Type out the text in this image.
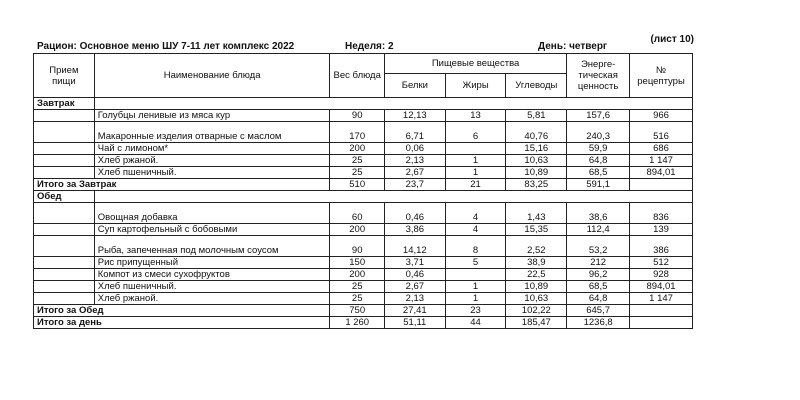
(лист 10)
Рацион: Основное меню ШУ 7-11 лет комплекс 2022	Неделя: 2	День: четверг
Прием пищи	Наименование блюда	Вес блюда	Пищевые вещества			Энерге-тическая ценность	№ рецептуры
			Белки	Жиры	Углеводы		
Завтрак							
	Голубцы ленивые из мяса кур	90	12,13	13	5,81	157,6	966
	Макаронные изделия отварные с маслом	170	6,71	6	40,76	240,3	516
	Чай с лимоном*	200	0,06		15,16	59,9	686
	Хлеб ржаной.	25	2,13	1	10,63	64,8	1 147
	Хлеб пшеничный.	25	2,67	1	10,89	68,5	894,01
Итого за Завтрак		510	23,7	21	83,25	591,1	
Обед							
	Овощная добавка	60	0,46	4	1,43	38,6	836
	Суп картофельный с бобовыми	200	3,86	4	15,35	112,4	139
	Рыба, запеченная под молочным соусом	90	14,12	8	2,52	53,2	386
	Рис припущенный	150	3,71	5	38,9	212	512
	Компот из смеси сухофруктов	200	0,46		22,5	96,2	928
	Хлеб пшеничный.	25	2,67	1	10,89	68,5	894,01
	Хлеб ржаной.	25	2,13	1	10,63	64,8	1 147
Итого за Обед		750	27,41	23	102,22	645,7	
Итого за день		1 260	51,11	44	185,47	1236,8	
